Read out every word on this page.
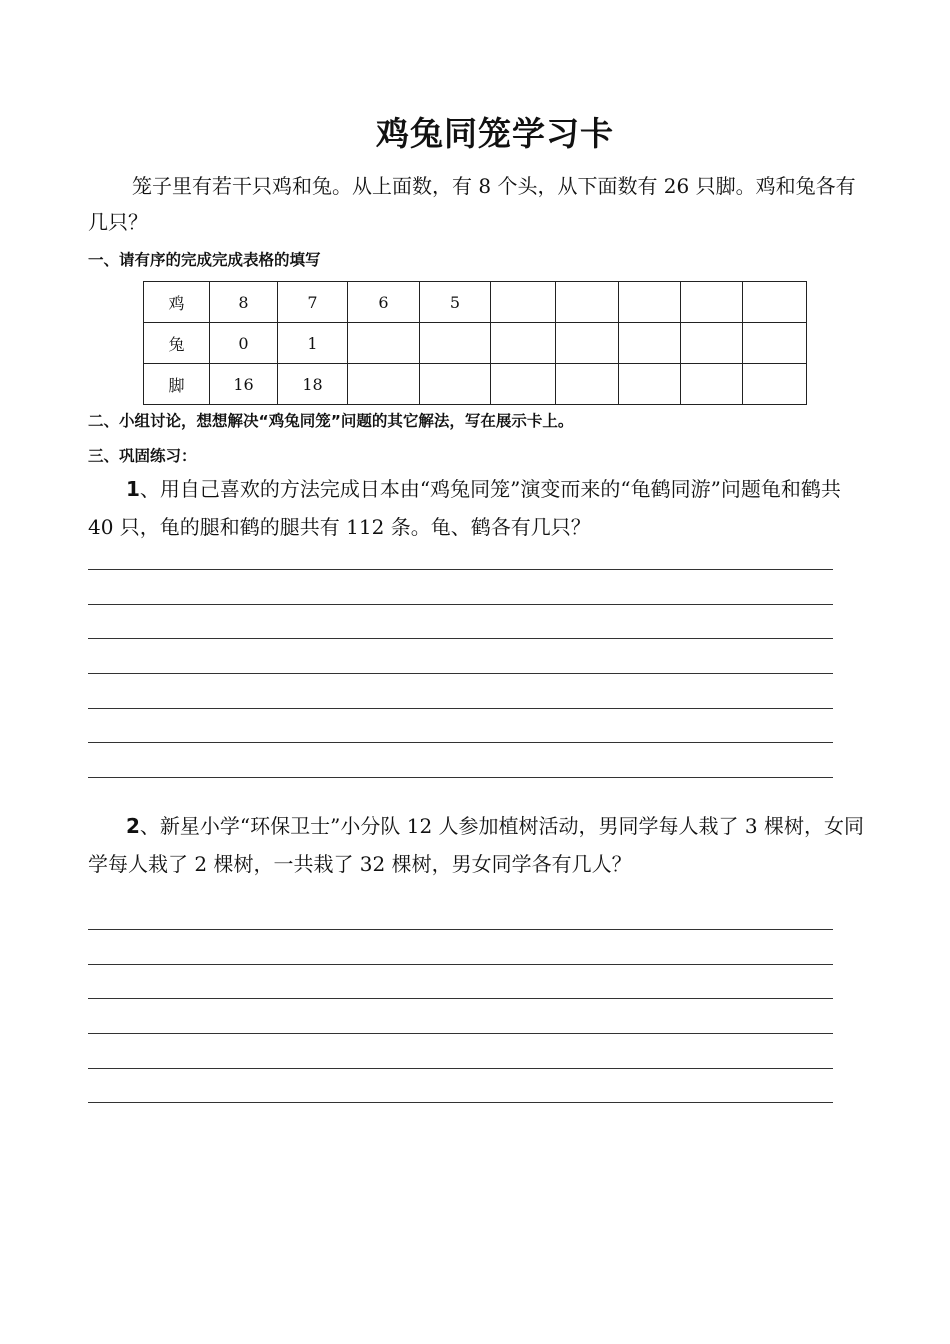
鸡兔同笼学习卡
笼子里有若干只鸡和兔。从上面数，有 8 个头，从下面数有 26 只脚。鸡和兔各有几只？
一、请有序的完成完成表格的填写
鸡	8	7	6	5					
兔	0	1							
脚	16	18							
二、小组讨论，想想解决“鸡兔同笼”问题的其它解法，写在展示卡上。
三、巩固练习：
1、用自己喜欢的方法完成日本由“鸡兔同笼”演变而来的“龟鹤同游”问题龟和鹤共 40 只，龟的腿和鹤的腿共有 112 条。龟、鹤各有几只？
2、新星小学“环保卫士”小分队 12 人参加植树活动，男同学每人栽了 3 棵树，女同学每人栽了 2 棵树，一共栽了 32 棵树，男女同学各有几人？
